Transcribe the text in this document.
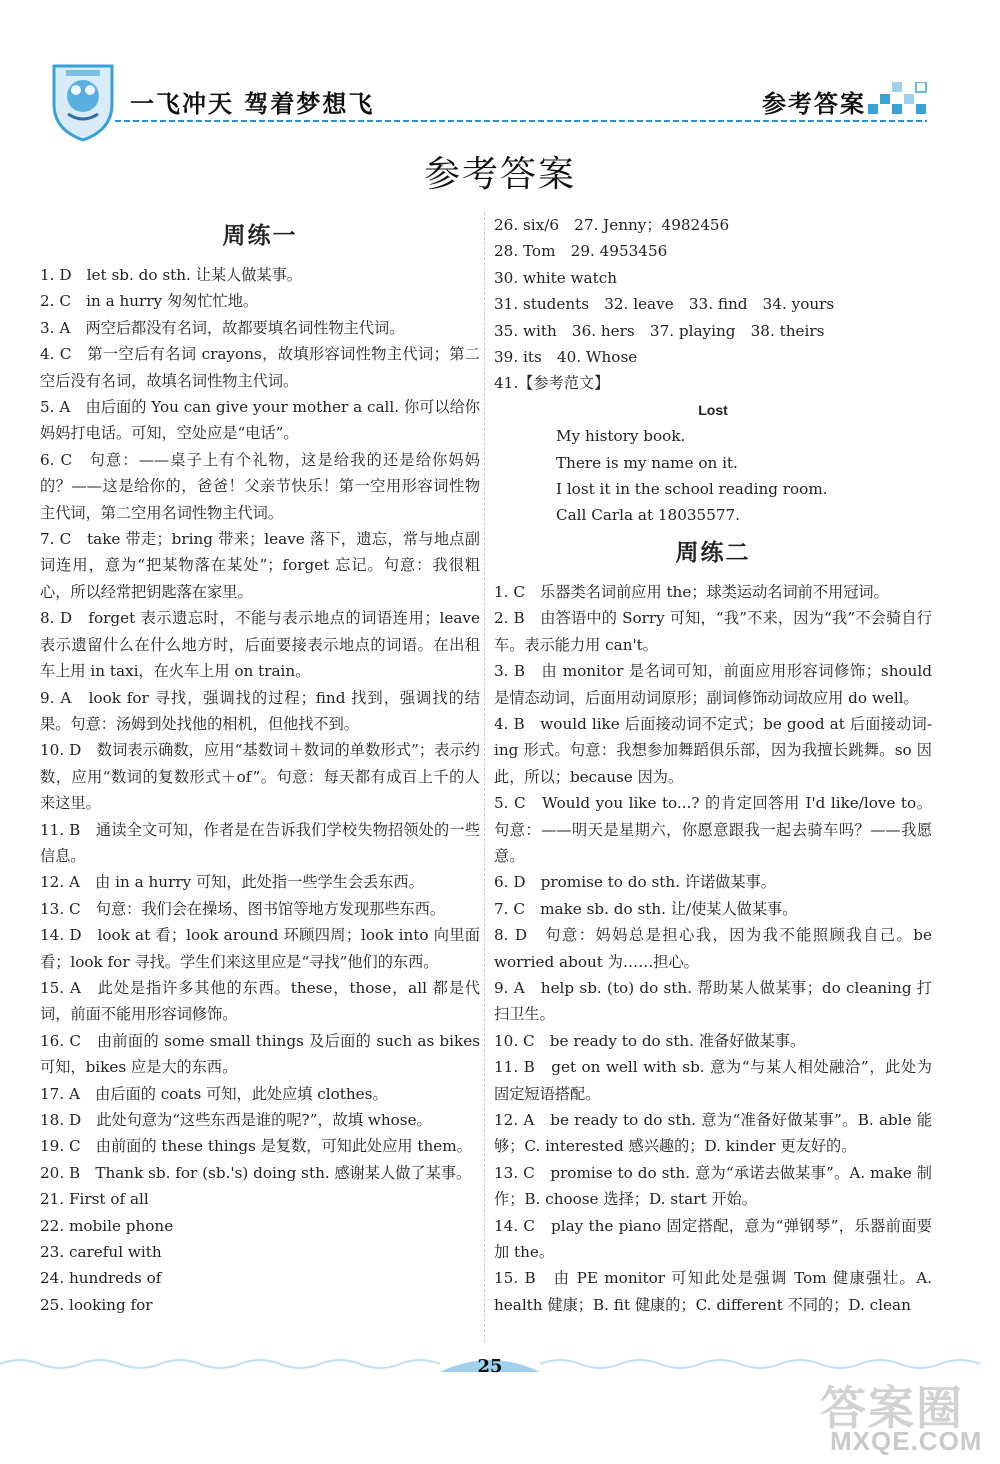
一飞冲天 驾着梦想飞	参考答案
参考答案
周练一
1. D　let sb. do sth. 让某人做某事。
2. C　in a hurry 匆匆忙忙地。
3. A　两空后都没有名词，故都要填名词性物主代词。
4. C　第一空后有名词 crayons，故填形容词性物主代词；第二空后没有名词，故填名词性物主代词。
5. A　由后面的 You can give your mother a call. 你可以给你妈妈打电话。可知，空处应是“电话”。
6. C　句意：——桌子上有个礼物，这是给我的还是给你妈妈的？——这是给你的，爸爸！父亲节快乐！第一空用形容词性物主代词，第二空用名词性物主代词。
7. C　take 带走；bring 带来；leave 落下，遗忘，常与地点副词连用，意为“把某物落在某处”；forget 忘记。句意：我很粗心，所以经常把钥匙落在家里。
8. D　forget 表示遗忘时，不能与表示地点的词语连用；leave 表示遗留什么在什么地方时，后面要接表示地点的词语。在出租车上用 in taxi，在火车上用 on train。
9. A　look for 寻找，强调找的过程；find 找到，强调找的结果。句意：汤姆到处找他的相机，但他找不到。
10. D　数词表示确数，应用“基数词＋数词的单数形式”；表示约数，应用“数词的复数形式＋of”。句意：每天都有成百上千的人来这里。
11. B　通读全文可知，作者是在告诉我们学校失物招领处的一些信息。
12. A　由 in a hurry 可知，此处指一些学生会丢东西。
13. C　句意：我们会在操场、图书馆等地方发现那些东西。
14. D　look at 看；look around 环顾四周；look into 向里面看；look for 寻找。学生们来这里应是“寻找”他们的东西。
15. A　此处是指许多其他的东西。these，those，all 都是代词，前面不能用形容词修饰。
16. C　由前面的 some small things 及后面的 such as bikes 可知，bikes 应是大的东西。
17. A　由后面的 coats 可知，此处应填 clothes。
18. D　此处句意为“这些东西是谁的呢?”，故填 whose。
19. C　由前面的 these things 是复数，可知此处应用 them。
20. B　Thank sb. for (sb.'s) doing sth. 感谢某人做了某事。
21. First of all
22. mobile phone
23. careful with
24. hundreds of
25. looking for
26. six/6　27. Jenny；4982456
28. Tom　29. 4953456
30. white watch
31. students　32. leave　33. find　34. yours
35. with　36. hers　37. playing　38. theirs
39. its　40. Whose
41.【参考范文】
Lost
My history book.
There is my name on it.
I lost it in the school reading room.
Call Carla at 18035577.
周练二
1. C　乐器类名词前应用 the；球类运动名词前不用冠词。
2. B　由答语中的 Sorry 可知，“我”不来，因为“我”不会骑自行车。表示能力用 can't。
3. B　由 monitor 是名词可知，前面应用形容词修饰；should 是情态动词，后面用动词原形；副词修饰动词故应用 do well。
4. B　would like 后面接动词不定式；be good at 后面接动词-ing 形式。句意：我想参加舞蹈俱乐部，因为我擅长跳舞。so 因此，所以；because 因为。
5. C　Would you like to...? 的肯定回答用 I'd like/love to。句意：——明天是星期六，你愿意跟我一起去骑车吗？——我愿意。
6. D　promise to do sth. 许诺做某事。
7. C　make sb. do sth. 让/使某人做某事。
8. D　句意：妈妈总是担心我，因为我不能照顾我自己。be worried about 为……担心。
9. A　help sb. (to) do sth. 帮助某人做某事；do cleaning 打扫卫生。
10. C　be ready to do sth. 准备好做某事。
11. B　get on well with sb. 意为“与某人相处融洽”，此处为固定短语搭配。
12. A　be ready to do sth. 意为“准备好做某事”。B. able 能够；C. interested 感兴趣的；D. kinder 更友好的。
13. C　promise to do sth. 意为“承诺去做某事”。A. make 制作；B. choose 选择；D. start 开始。
14. C　play the piano 固定搭配，意为“弹钢琴”，乐器前面要加 the。
15. B　由 PE monitor 可知此处是强调 Tom 健康强壮。A. health 健康；B. fit 健康的；C. different 不同的；D. clean
25
答案圈
MXQE.COM
